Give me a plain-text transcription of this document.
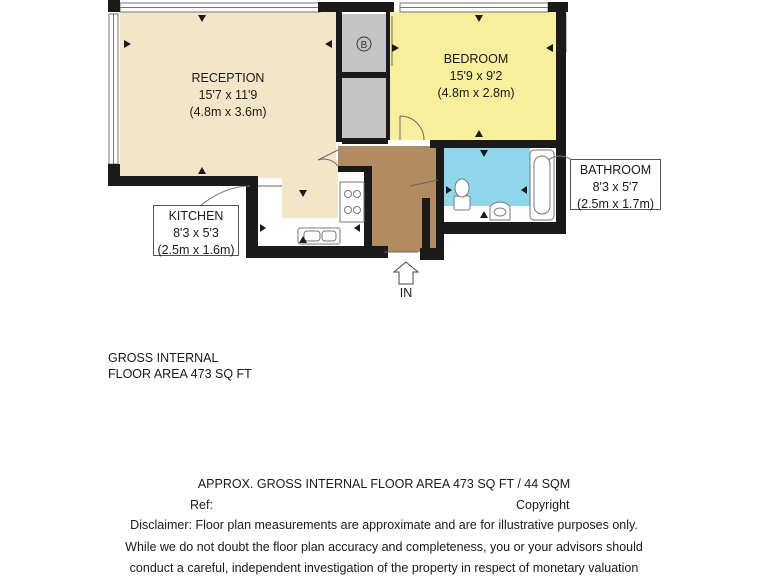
B
RECEPTION
15'7 x 11'9
(4.8m x 3.6m)
BEDROOM
15'9 x 9'2
(4.8m x 2.8m)
KITCHEN
8'3 x 5'3
(2.5m x 1.6m)
BATHROOM
8'3 x 5'7
(2.5m x 1.7m)
IN
GROSS INTERNAL
FLOOR AREA 473 SQ FT
APPROX. GROSS INTERNAL FLOOR AREA 473 SQ FT / 44 SQM
Ref:	Copyright
Disclaimer: Floor plan measurements are approximate and are for illustrative purposes only.
While we do not doubt the floor plan accuracy and completeness, you or your advisors should
conduct a careful, independent investigation of the property in respect of monetary valuation
